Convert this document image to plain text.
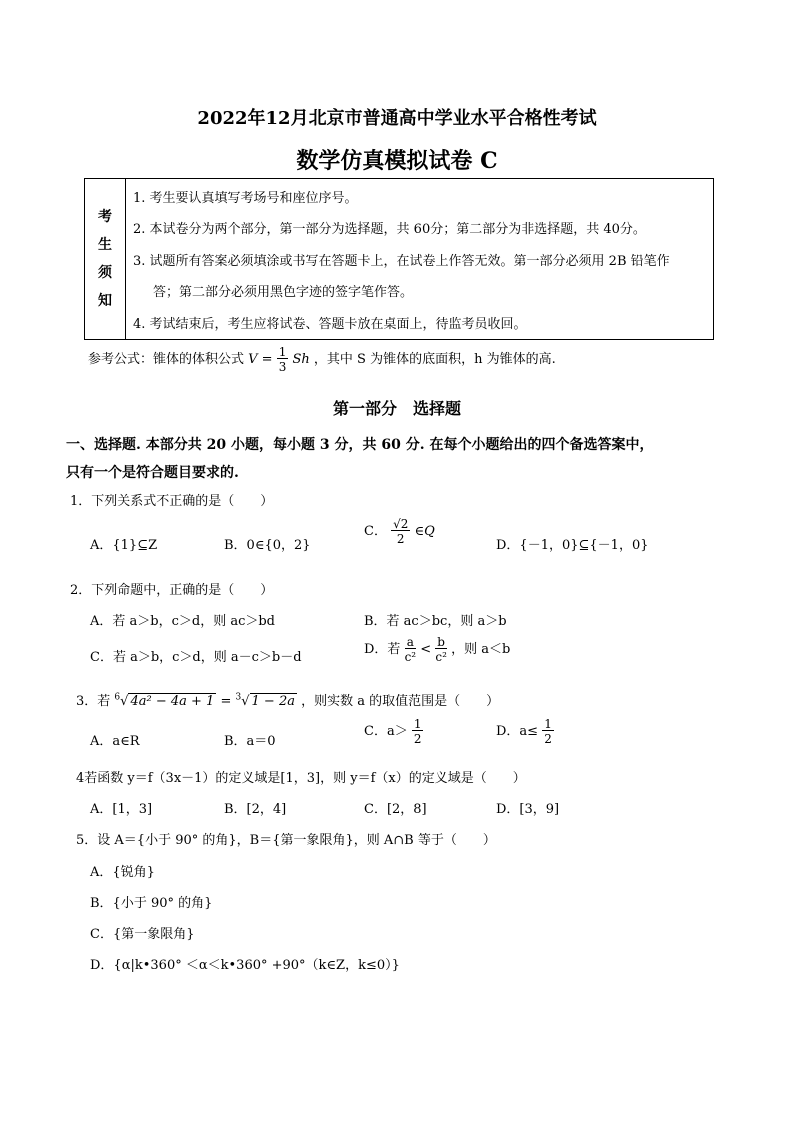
2022年12月北京市普通高中学业水平合格性考试
数学仿真模拟试卷 C
考
生
须
知
1. 考生要认真填写考场号和座位序号。
2. 本试卷分为两个部分，第一部分为选择题，共 60分；第二部分为非选择题，共 40分。
3. 试题所有答案必须填涂或书写在答题卡上，在试卷上作答无效。第一部分必须用 2B 铅笔作
答；第二部分必须用黑色字迹的签字笔作答。
4. 考试结束后，考生应将试卷、答题卡放在桌面上，待监考员收回。
参考公式：锥体的体积公式 $V = \frac{1}{3}$ Sh ，其中 S 为锥体的底面积，h 为锥体的高.
第一部分　选择题
一、选择题. 本部分共 20 小题，每小题 3 分，共 60 分. 在每个小题给出的四个备选答案中，
只有一个是符合题目要求的.
1．下列关系式不正确的是（　　）
A．{1}⊆Z	B．0∈{0，2}
C． $\frac{√2}{2}$ ∈Q
D．{－1，0}⊆{－1，0}
2．下列命题中，正确的是（　　）
A．若 a＞b，c＞d，则 ac＞bd	B．若 ac＞bc，则 a＞b
C．若 a＞b，c＞d，则 a－c＞b－d
D．若 $\frac{a}{\text{c²}} < \frac{b}{\text{c²}}$ ，则 a＜b
3．若 $^6$√ 4a² − 4a + 1 = $^3$√ 1 − 2a ，则实数 a 的取值范围是（　　）
A．a∈R	B．a＝0
C．$a> \frac{1}{2}$	D．$a\le \frac{1}{2}$
4若函数 y＝f（3x－1）的定义域是[1，3]，则 y＝f（x）的定义域是（　　）
A．[1，3]	B．[2，4]	C．[2，8]	D．[3，9]
5．设 A＝{小于 90° 的角}，B＝{第一象限角}，则 A∩B 等于（　　）
A．{锐角}
B．{小于 90° 的角}
C．{第一象限角}
D．{α|k•360° ＜α＜k•360° +90°（k∈Z，k≤0）}
